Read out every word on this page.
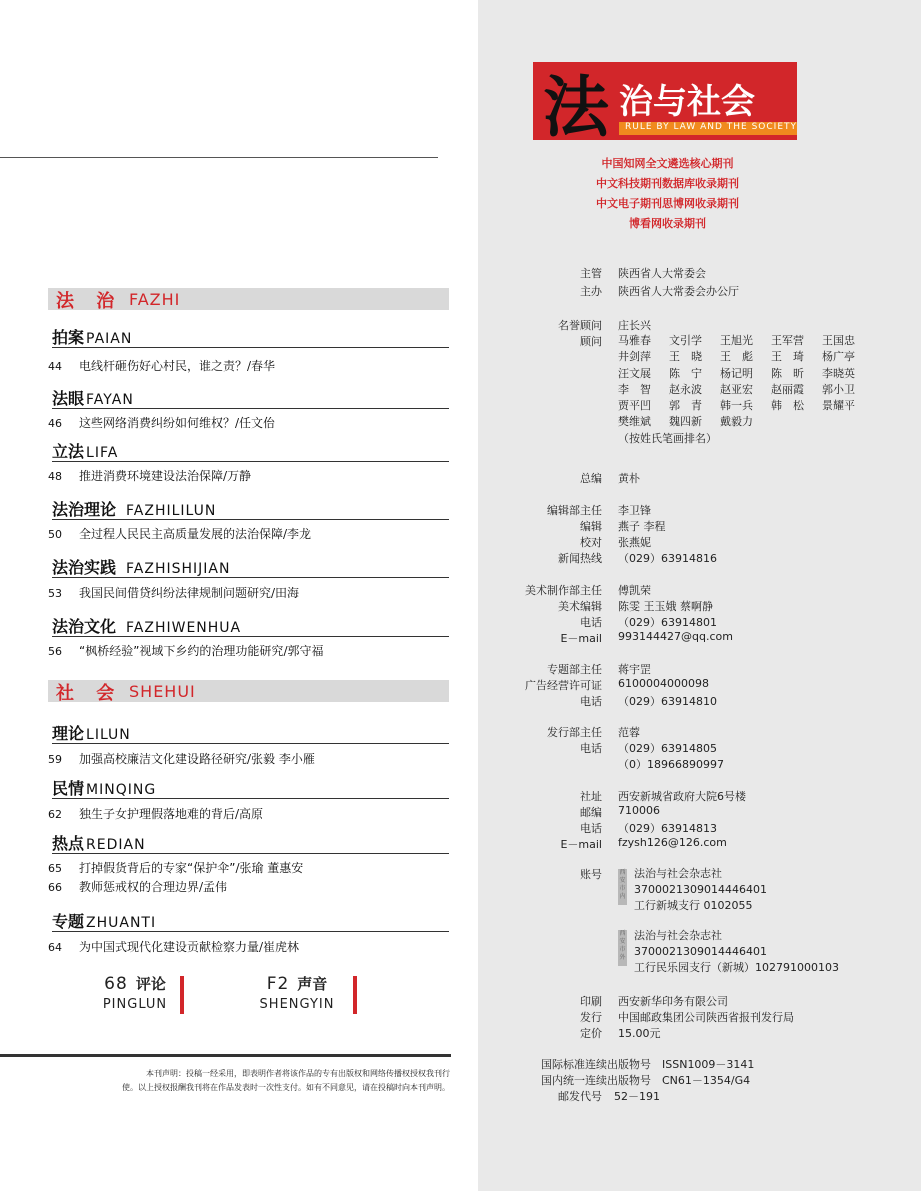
法 治 FAZHI
拍案 PAIAN
44 电线杆砸伤好心村民，谁之责？/春华
法眼 FAYAN
46 这些网络消费纠纷如何维权？/任文佁
立法 LIFA
48 推进消费环境建设法治保障/万静
法治理论 FAZHILILUN
50 全过程人民民主高质量发展的法治保障/李龙
法治实践 FAZHISHIJIAN
53 我国民间借贷纠纷法律规制问题研究/田海
法治文化 FAZHIWENHUA
56 “枫桥经验”视域下乡约的治理功能研究/郭守福
社 会 SHEHUI
理论 LILUN
59 加强高校廉洁文化建设路径研究/张毅 李小雁
民情 MINQING
62 独生子女护理假落地难的背后/高原
热点 REDIAN
65 打掉假货背后的专家“保护伞”/张瑜 董惠安
66 教师惩戒权的合理边界/孟伟
专题 ZHUANTI
64 为中国式现代化建设贡献检察力量/崔虎林
68 评论
PINGLUN
F2 声音
SHENGYIN
本刊声明：投稿一经采用，即表明作者将该作品的专有出版权和网络传播权授权我刊行
使。以上授权报酬我刊将在作品发表时一次性支付。如有不同意见，请在投稿时向本刊声明。
法 治与社会
RULE BY LAW AND THE SOCIETY
中国知网全文遴选核心期刊
中文科技期刊数据库收录期刊
中文电子期刊思博网收录期刊
博看网收录期刊
主管 陕西省人大常委会
主办 陕西省人大常委会办公厅
名誉顾问 庄长兴
顾问 马雅春 文引学 王旭光 王军营 王国忠
井剑萍 王　晓 王　彪 王　琦 杨广亭
汪文展 陈　宁 杨记明 陈　昕 李晓英
李　智 赵永波 赵亚宏 赵丽霞 郭小卫
贾平凹 郭　青 韩一兵 韩　松 景耀平
樊维斌 魏四新 戴毅力
（按姓氏笔画排名）
总编 黄朴
编辑部主任 李卫锋
编辑 燕子 李程
校对 张燕妮
新闻热线 （029）63914816
美术制作部主任 傅凯荣
美术编辑 陈雯 王玉娥 蔡啊静
电话 （029）63914801
E－mail 993144427@qq.com
专题部主任 蒋宇罡
广告经营许可证 6100004000098
电话 （029）63914810
发行部主任 范蓉
电话 （029）63914805
（0）18966890997
社址 西安新城省政府大院6号楼
邮编 710006
电话 （029）63914813
E－mail fzysh126@126.com
账号	西安市内
法治与社会杂志社
3700021309014446401
工行新城支行 0102055
西安市外
法治与社会杂志社
3700021309014446401
工行民乐园支行（新城）102791000103
印刷 西安新华印务有限公司
发行 中国邮政集团公司陕西省报刊发行局
定价 15.00元
国际标准连续出版物号 ISSN1009－3141
国内统一连续出版物号 CN61－1354/G4
邮发代号 52－191
